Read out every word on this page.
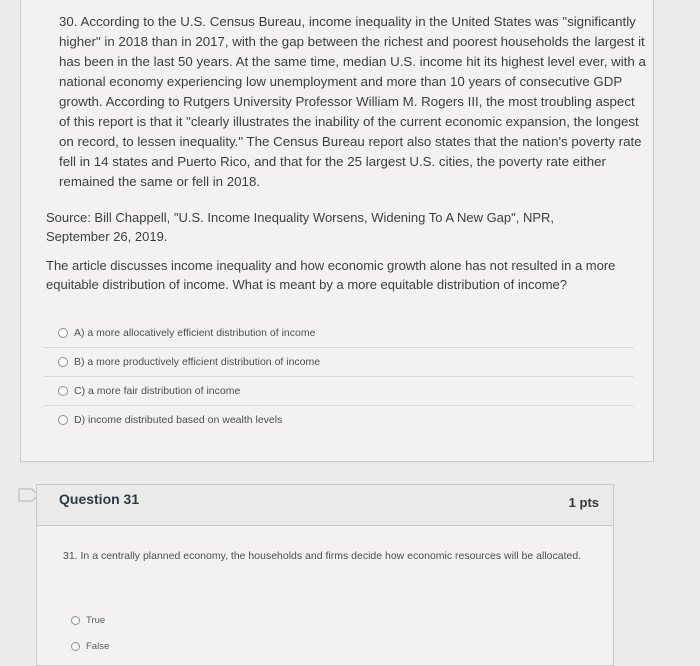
30. According to the U.S. Census Bureau, income inequality in the United States was "significantly higher" in 2018 than in 2017, with the gap between the richest and poorest households the largest it has been in the last 50 years. At the same time, median U.S. income hit its highest level ever, with a national economy experiencing low unemployment and more than 10 years of consecutive GDP growth. According to Rutgers University Professor William M. Rogers III, the most troubling aspect of this report is that it "clearly illustrates the inability of the current economic expansion, the longest on record, to lessen inequality." The Census Bureau report also states that the nation's poverty rate fell in 14 states and Puerto Rico, and that for the 25 largest U.S. cities, the poverty rate either remained the same or fell in 2018.

Source: Bill Chappell, "U.S. Income Inequality Worsens, Widening To A New Gap", NPR, September 26, 2019.

The article discusses income inequality and how economic growth alone has not resulted in a more equitable distribution of income. What is meant by a more equitable distribution of income?

A) a more allocatively efficient distribution of income
B) a more productively efficient distribution of income
C) a more fair distribution of income
D) income distributed based on wealth levels
Question 31	1 pts

31. In a centrally planned economy, the households and firms decide how economic resources will be allocated.

True
False
